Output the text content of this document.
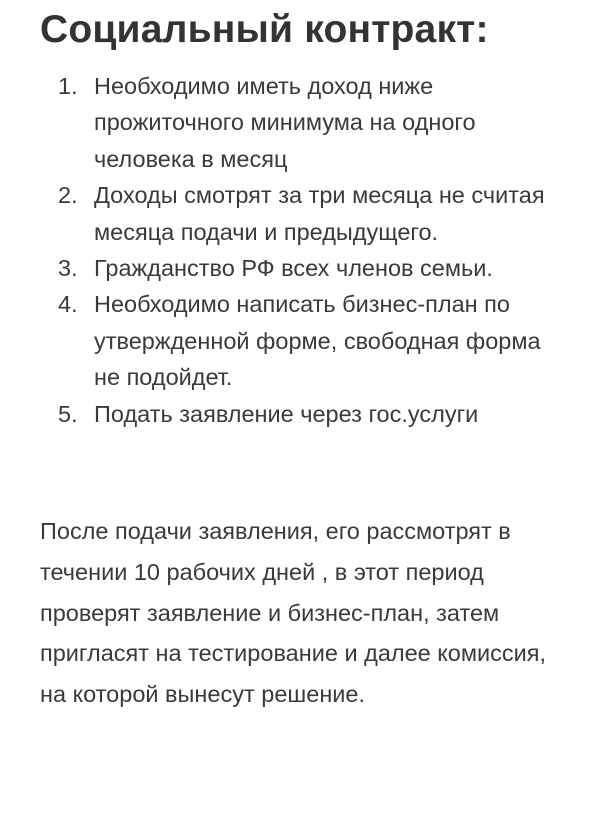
Социальный контракт:
1. Необходимо иметь доход ниже прожиточного минимума на одного человека в месяц
2. Доходы смотрят за три месяца не считая месяца подачи и предыдущего.
3. Гражданство РФ всех членов семьи.
4. Необходимо написать бизнес-план по утвержденной форме, свободная форма не подойдет.
5. Подать заявление через гос.услуги

После подачи заявления, его рассмотрят в течении 10 рабочих дней , в этот период проверят заявление и бизнес-план, затем пригласят на тестирование и далее комиссия, на которой вынесут решение.
